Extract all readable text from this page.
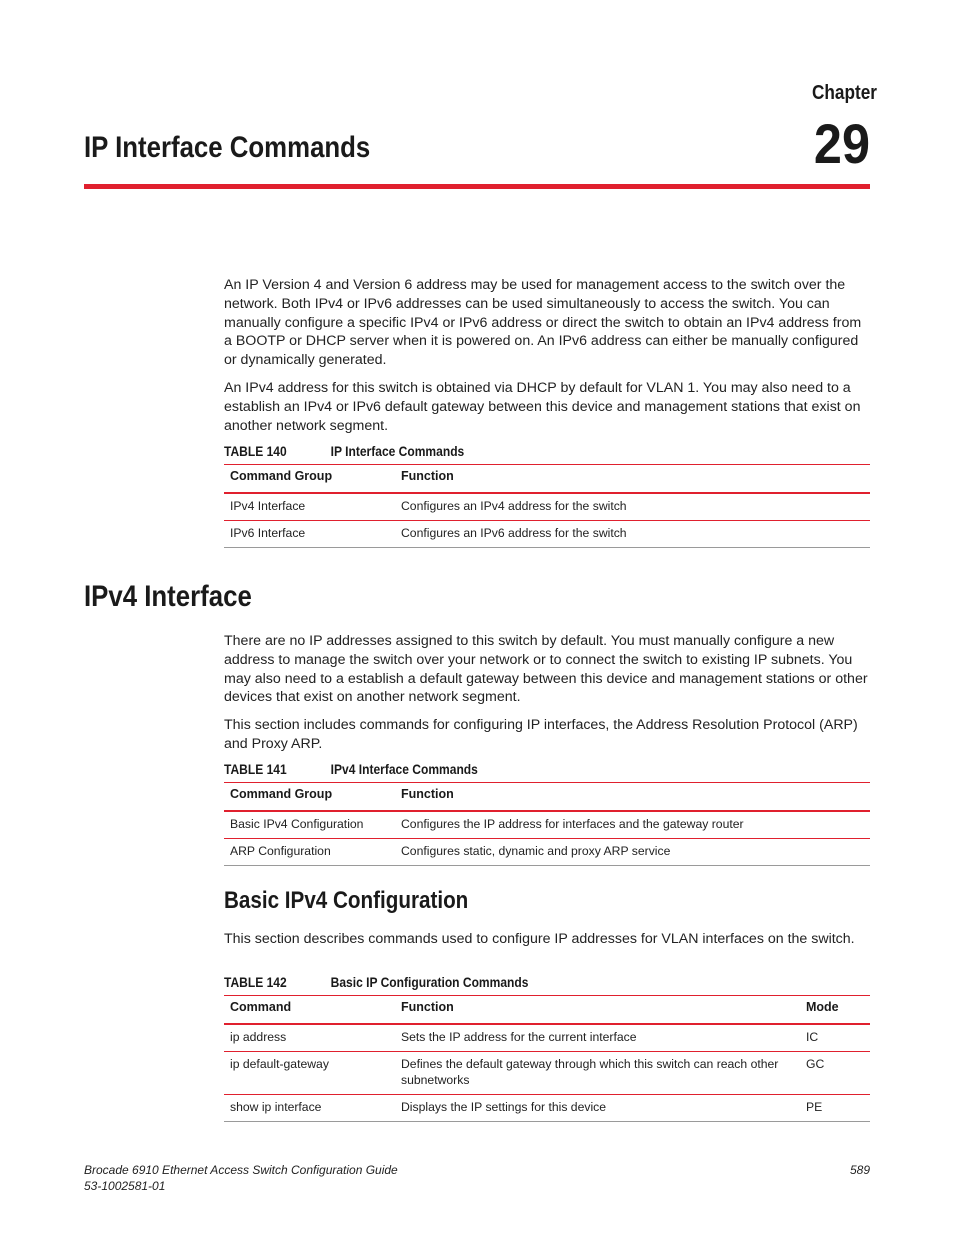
Chapter
29
IP Interface Commands

An IP Version 4 and Version 6 address may be used for management access to the switch over the network. Both IPv4 or IPv6 addresses can be used simultaneously to access the switch. You can manually configure a specific IPv4 or IPv6 address or direct the switch to obtain an IPv4 address from a BOOTP or DHCP server when it is powered on. An IPv6 address can either be manually configured or dynamically generated.

An IPv4 address for this switch is obtained via DHCP by default for VLAN 1. You may also need to a establish an IPv4 or IPv6 default gateway between this device and management stations that exist on another network segment.

TABLE 140	IP Interface Commands
Command Group	Function
IPv4 Interface	Configures an IPv4 address for the switch
IPv6 Interface	Configures an IPv6 address for the switch
IPv4 Interface

There are no IP addresses assigned to this switch by default. You must manually configure a new address to manage the switch over your network or to connect the switch to existing IP subnets. You may also need to a establish a default gateway between this device and management stations or other devices that exist on another network segment.

This section includes commands for configuring IP interfaces, the Address Resolution Protocol (ARP) and Proxy ARP.

TABLE 141	IPv4 Interface Commands
Command Group	Function
Basic IPv4 Configuration	Configures the IP address for interfaces and the gateway router
ARP Configuration	Configures static, dynamic and proxy ARP service
Basic IPv4 Configuration

This section describes commands used to configure IP addresses for VLAN interfaces on the switch.

TABLE 142	Basic IP Configuration Commands
Command	Function	Mode
ip address	Sets the IP address for the current interface	IC
ip default-gateway	Defines the default gateway through which this switch can reach other subnetworks	GC
show ip interface	Displays the IP settings for this device	PE
Brocade 6910 Ethernet Access Switch Configuration Guide
53-1002581-01
589
